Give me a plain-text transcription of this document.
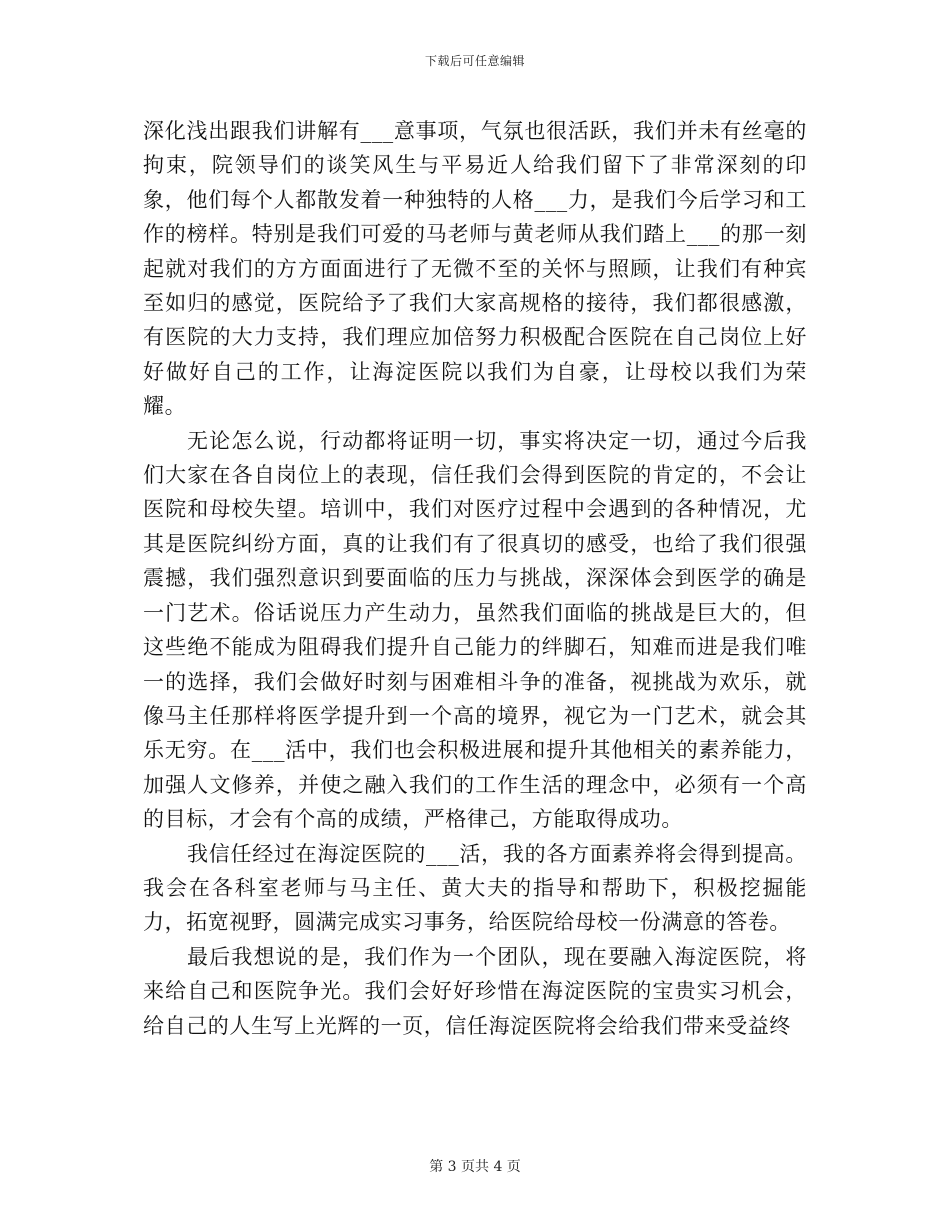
下载后可任意编辑

深化浅出跟我们讲解有___意事项，气氛也很活跃，我们并未有丝毫的拘束，院领导们的谈笑风生与平易近人给我们留下了非常深刻的印象，他们每个人都散发着一种独特的人格___力，是我们今后学习和工作的榜样。特别是我们可爱的马老师与黄老师从我们踏上___的那一刻起就对我们的方方面面进行了无微不至的关怀与照顾，让我们有种宾至如归的感觉，医院给予了我们大家高规格的接待，我们都很感激，有医院的大力支持，我们理应加倍努力积极配合医院在自己岗位上好好做好自己的工作，让海淀医院以我们为自豪，让母校以我们为荣耀。

无论怎么说，行动都将证明一切，事实将决定一切，通过今后我们大家在各自岗位上的表现，信任我们会得到医院的肯定的，不会让医院和母校失望。培训中，我们对医疗过程中会遇到的各种情况，尤其是医院纠纷方面，真的让我们有了很真切的感受，也给了我们很强震撼，我们强烈意识到要面临的压力与挑战，深深体会到医学的确是一门艺术。俗话说压力产生动力，虽然我们面临的挑战是巨大的，但这些绝不能成为阻碍我们提升自己能力的绊脚石，知难而进是我们唯一的选择，我们会做好时刻与困难相斗争的准备，视挑战为欢乐，就像马主任那样将医学提升到一个高的境界，视它为一门艺术，就会其乐无穷。在___活中，我们也会积极进展和提升其他相关的素养能力，加强人文修养，并使之融入我们的工作生活的理念中，必须有一个高的目标，才会有个高的成绩，严格律己，方能取得成功。

我信任经过在海淀医院的___活，我的各方面素养将会得到提高。我会在各科室老师与马主任、黄大夫的指导和帮助下，积极挖掘能力，拓宽视野，圆满完成实习事务，给医院给母校一份满意的答卷。

最后我想说的是，我们作为一个团队，现在要融入海淀医院，将来给自己和医院争光。我们会好好珍惜在海淀医院的宝贵实习机会，给自己的人生写上光辉的一页，信任海淀医院将会给我们带来受益终

第 3 页共 4 页
